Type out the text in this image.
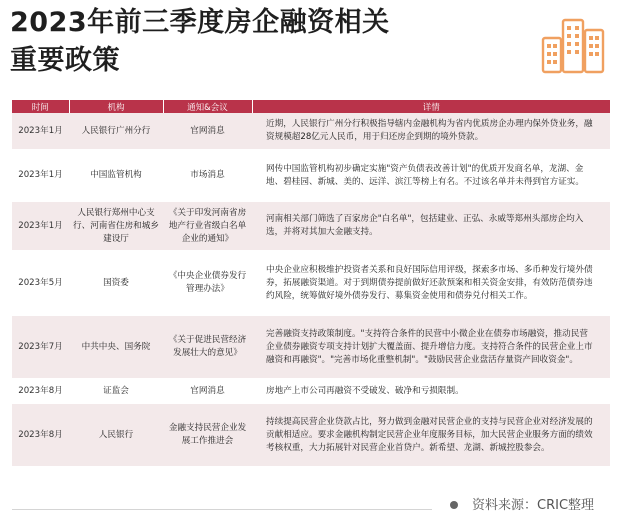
2023年前三季度房企融资相关
重要政策
时间	机构	通知&会议	详情
2023年1月	人民银行广州分行	官网消息	近期，人民银行广州分行积极指导辖内金融机构为省内优质房企办理内保外贷业务，融资规模超28亿元人民币，用于归还房企到期的境外贷款。
2023年1月	中国监管机构	市场消息	网传中国监管机构初步确定实施"资产负债表改善计划"的优质开发商名单，龙湖、金地、碧桂园、新城、美的、远洋、滨江等榜上有名。不过该名单并未得到官方证实。
2023年1月	人民银行郑州中心支行、河南省住房和城乡建设厅	《关于印发河南省房地产行业省级白名单企业的通知》	河南相关部门筛选了百家房企"白名单"，包括建业、正弘、永威等郑州头部房企均入选，并将对其加大金融支持。
2023年5月	国资委	《中央企业债券发行管理办法》	中央企业应积极维护投资者关系和良好国际信用评级，探索多市场、多币种发行境外债券，拓展融资渠道。对于到期债券提前做好还款预案和相关资金安排，有效防范债券违约风险，统筹做好境外债券发行、募集资金使用和债券兑付相关工作。
2023年7月	中共中央、国务院	《关于促进民营经济发展壮大的意见》	完善融资支持政策制度。"支持符合条件的民营中小微企业在债券市场融资，推动民营企业债券融资专项支持计划扩大覆盖面、提升增信力度。支持符合条件的民营企业上市融资和再融资"。"完善市场化重整机制"。"鼓励民营企业盘活存量资产回收资金"。
2023年8月	证监会	官网消息	房地产上市公司再融资不受破发、破净和亏损限制。
2023年8月	人民银行	金融支持民营企业发展工作推进会	持续提高民营企业贷款占比，努力做到金融对民营企业的支持与民营企业对经济发展的贡献相适应。要求金融机构制定民营企业年度服务目标，加大民营企业服务方面的绩效考核权重，大力拓展针对民营企业首贷户。新希望、龙湖、新城控股参会。
资料来源：CRIC整理
